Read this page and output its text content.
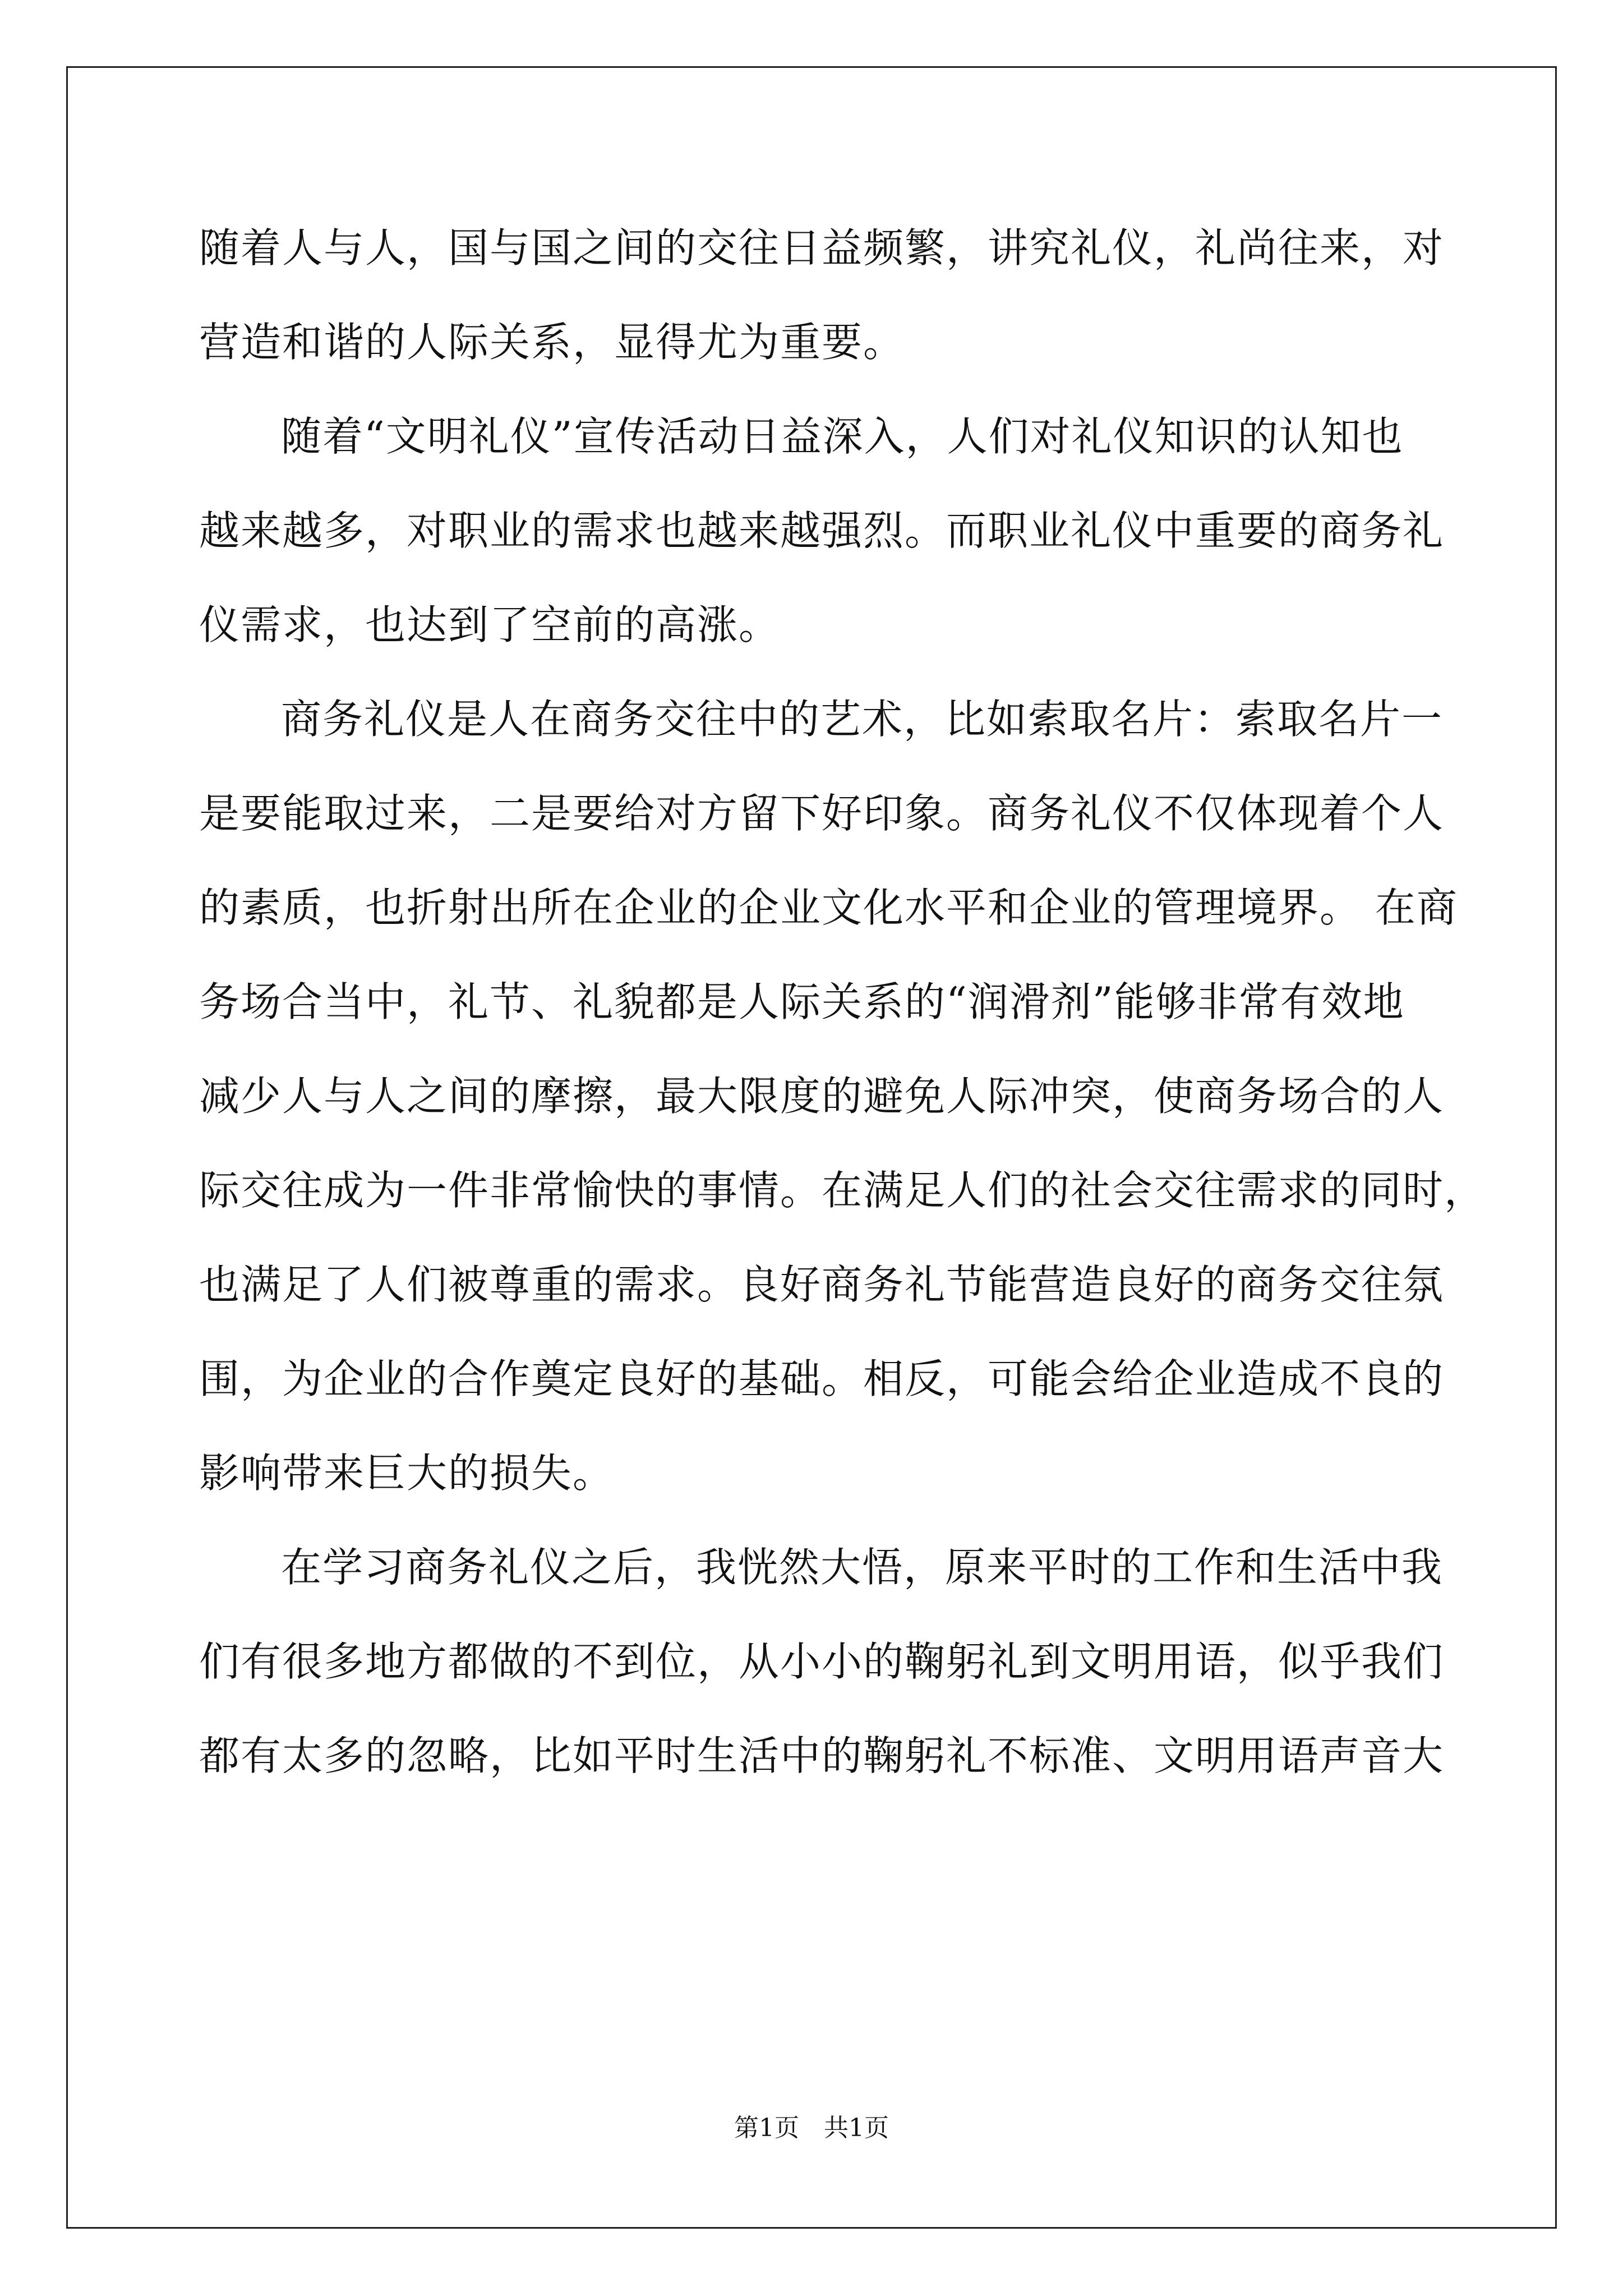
随着人与人，国与国之间的交往日益频繁，讲究礼仪，礼尚往来，对
营造和谐的人际关系，显得尤为重要。
随着“文明礼仪”宣传活动日益深入，人们对礼仪知识的认知也
越来越多，对职业的需求也越来越强烈。而职业礼仪中重要的商务礼
仪需求，也达到了空前的高涨。
商务礼仪是人在商务交往中的艺术，比如索取名片：索取名片一
是要能取过来，二是要给对方留下好印象。商务礼仪不仅体现着个人
的素质，也折射出所在企业的企业文化水平和企业的管理境界。 在商
务场合当中，礼节、礼貌都是人际关系的“润滑剂”能够非常有效地
减少人与人之间的摩擦，最大限度的避免人际冲突，使商务场合的人
际交往成为一件非常愉快的事情。在满足人们的社会交往需求的同时，
也满足了人们被尊重的需求。良好商务礼节能营造良好的商务交往氛
围，为企业的合作奠定良好的基础。相反，可能会给企业造成不良的
影响带来巨大的损失。
在学习商务礼仪之后，我恍然大悟，原来平时的工作和生活中我
们有很多地方都做的不到位，从小小的鞠躬礼到文明用语，似乎我们
都有太多的忽略，比如平时生活中的鞠躬礼不标准、文明用语声音大
第1页　共1页
